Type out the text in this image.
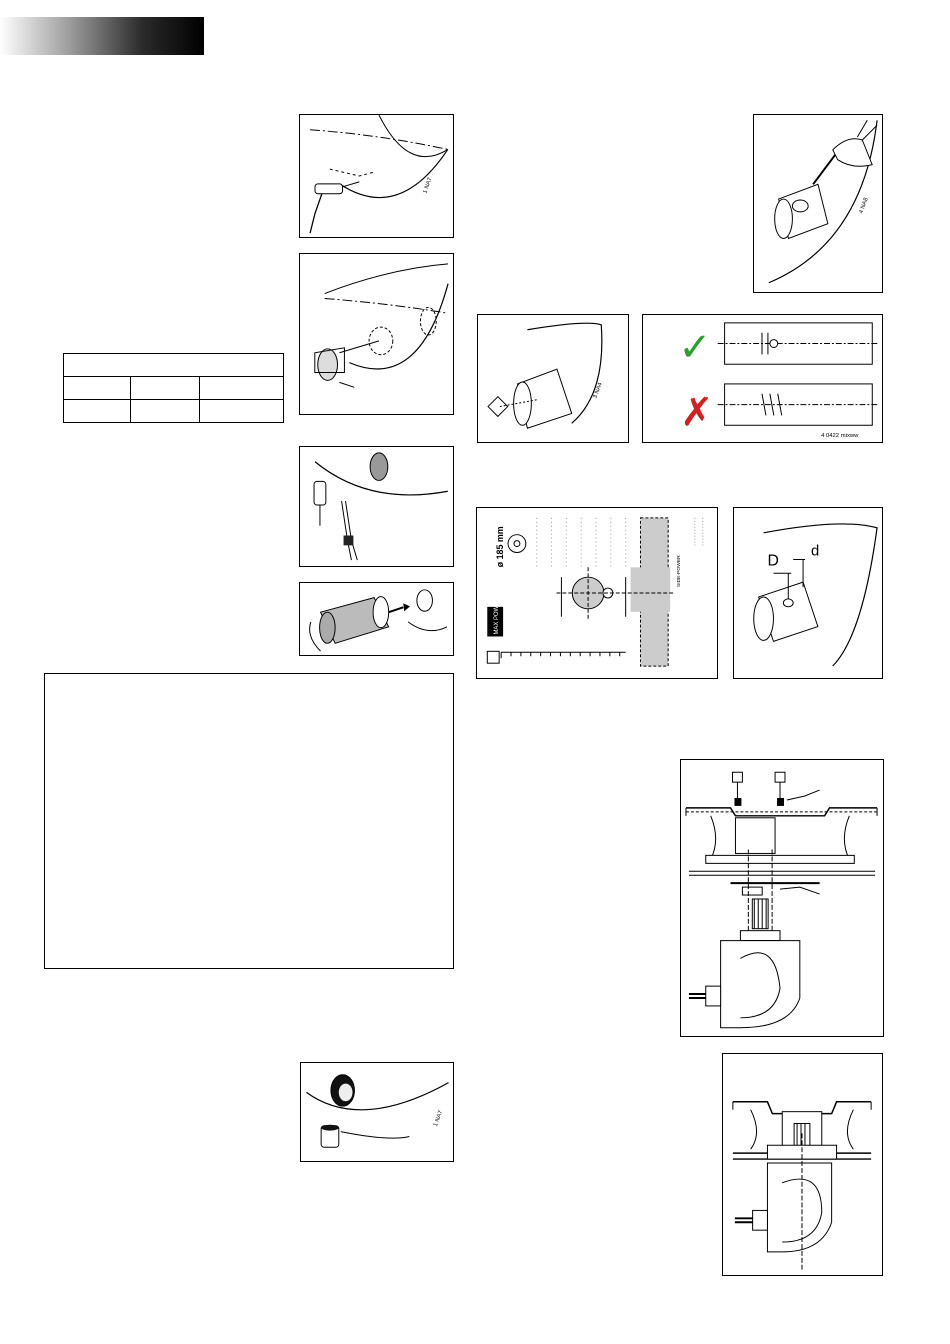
1 NA7

1 NA7
4 NA8
3 NA4
✓
✗
4 0422 mixww
ø 185 mm
MAX POWER
SIDE-POWER	D
d
